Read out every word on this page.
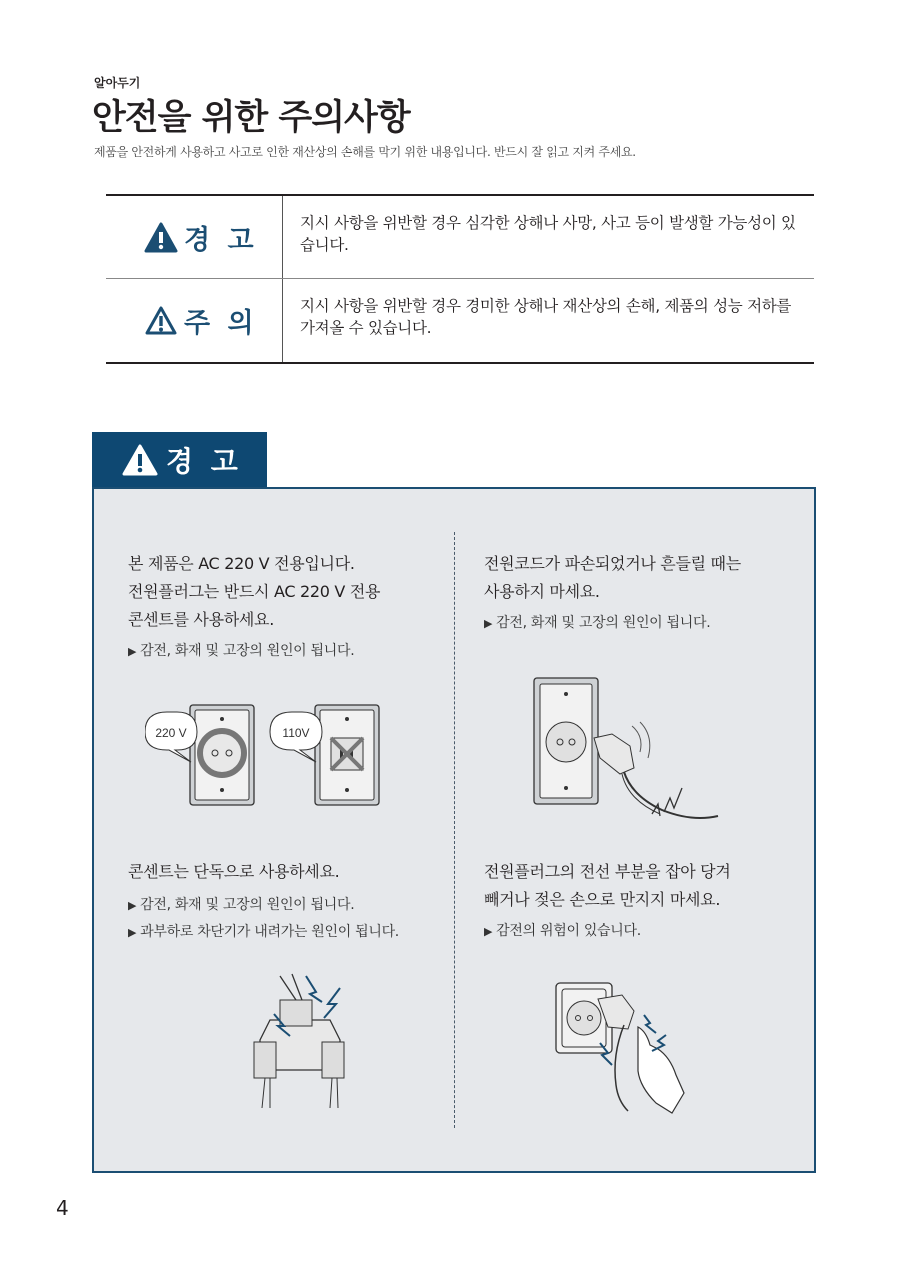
알아두기
안전을 위한 주의사항
제품을 안전하게 사용하고 사고로 인한 재산상의 손해를 막기 위한 내용입니다. 반드시 잘 읽고 지켜 주세요.
경 고
지시 사항을 위반할 경우 심각한 상해나 사망, 사고 등이 발생할 가능성이 있습니다.
주 의
지시 사항을 위반할 경우 경미한 상해나 재산상의 손해, 제품의 성능 저하를 가져올 수 있습니다.
경 고
본 제품은 AC 220 V 전용입니다.
전원플러그는 반드시 AC 220 V 전용
콘센트를 사용하세요.
▶ 감전, 화재 및 고장의 원인이 됩니다.
220 V	110V
전원코드가 파손되었거나 흔들릴 때는
사용하지 마세요.
▶ 감전, 화재 및 고장의 원인이 됩니다.
콘센트는 단독으로 사용하세요.
▶ 감전, 화재 및 고장의 원인이 됩니다.
▶ 과부하로 차단기가 내려가는 원인이 됩니다.
전원플러그의 전선 부분을 잡아 당겨
빼거나 젖은 손으로 만지지 마세요.
▶ 감전의 위험이 있습니다.
4
